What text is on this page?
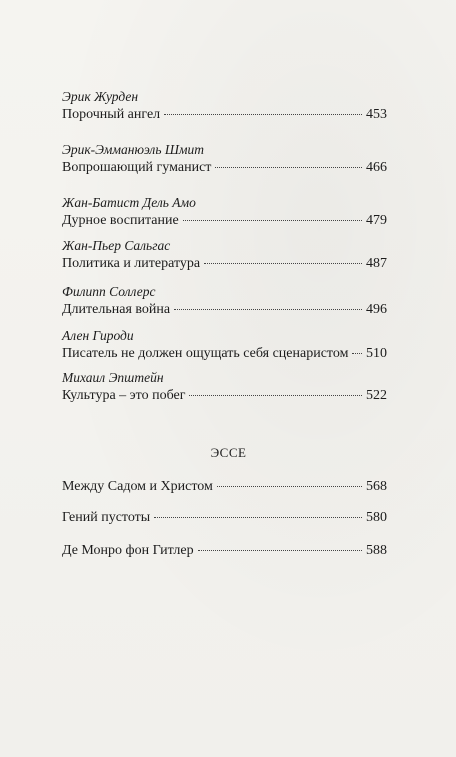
Эрик Журден
Порочный ангел	453
Эрик-Эмманюэль Шмит
Вопрошающий гуманист	466
Жан-Батист Дель Амо
Дурное воспитание	479
Жан-Пьер Сальгас
Политика и литература	487
Филипп Соллерс
Длительная война	496
Ален Гироди
Писатель не должен ощущать себя сценаристом 510
Михаил Эпштейн
Культура – это побег	522
ЭССЕ
Между Садом и Христом	568
Гений пустоты	580
Де Монро фон Гитлер	588
